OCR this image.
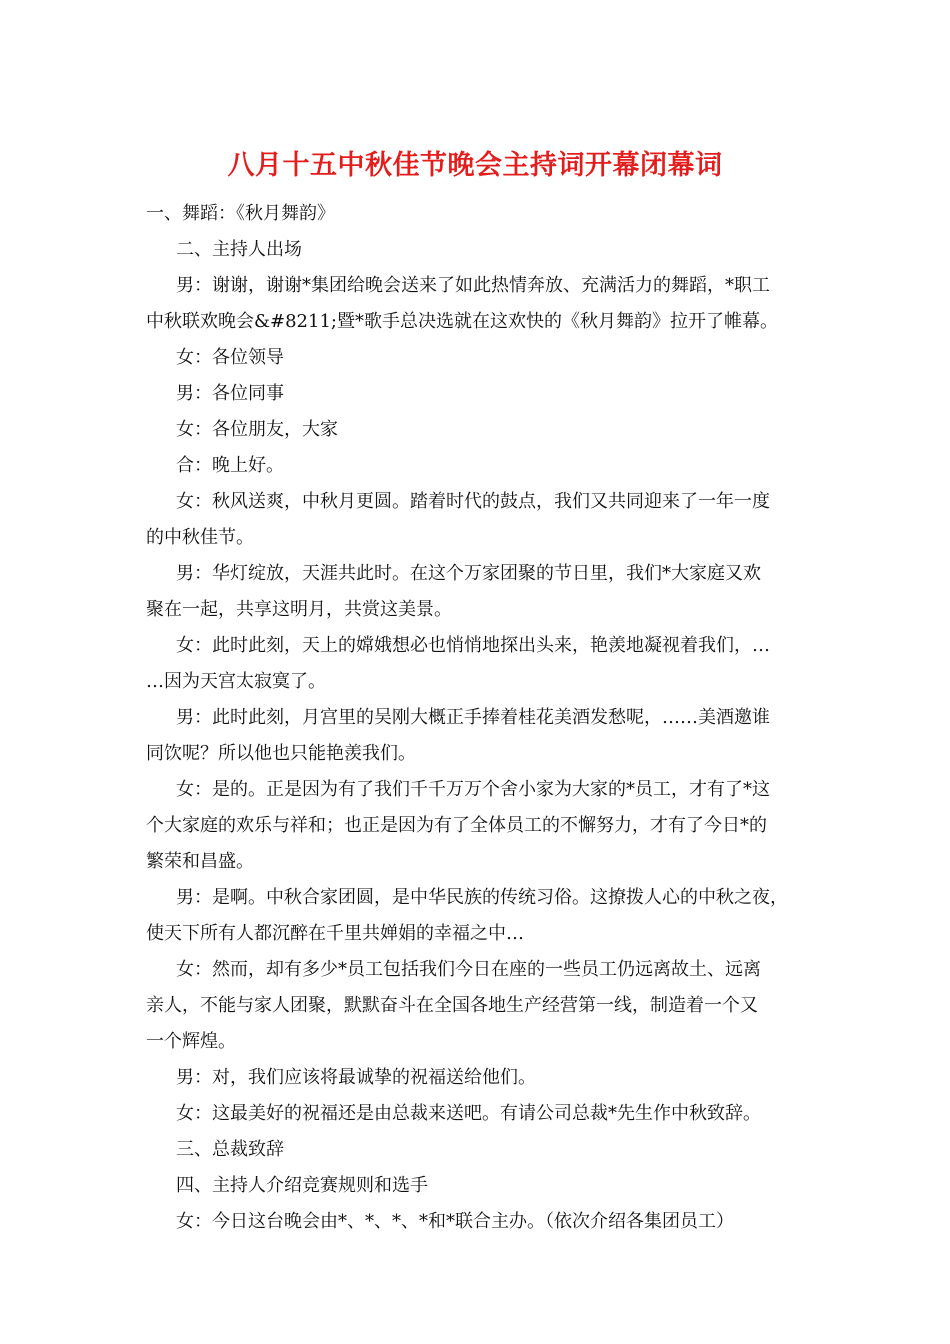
八月十五中秋佳节晚会主持词开幕闭幕词
一、舞蹈：《秋月舞韵》
二、主持人出场
男：谢谢，谢谢*集团给晚会送来了如此热情奔放、充满活力的舞蹈，*职工
中秋联欢晚会&#8211;暨*歌手总决选就在这欢快的《秋月舞韵》拉开了帷幕。
女：各位领导
男：各位同事
女：各位朋友，大家
合：晚上好。
女：秋风送爽，中秋月更圆。踏着时代的鼓点，我们又共同迎来了一年一度
的中秋佳节。
男：华灯绽放，天涯共此时。在这个万家团聚的节日里，我们*大家庭又欢
聚在一起，共享这明月，共赏这美景。
女：此时此刻，天上的嫦娥想必也悄悄地探出头来，艳羡地凝视着我们，…
…因为天宫太寂寞了。
男：此时此刻，月宫里的吴刚大概正手捧着桂花美酒发愁呢，……美酒邀谁
同饮呢？所以他也只能艳羡我们。
女：是的。正是因为有了我们千千万万个舍小家为大家的*员工，才有了*这
个大家庭的欢乐与祥和；也正是因为有了全体员工的不懈努力，才有了今日*的
繁荣和昌盛。
男：是啊。中秋合家团圆，是中华民族的传统习俗。这撩拨人心的中秋之夜，
使天下所有人都沉醉在千里共婵娟的幸福之中…
女：然而，却有多少*员工包括我们今日在座的一些员工仍远离故土、远离
亲人，不能与家人团聚，默默奋斗在全国各地生产经营第一线，制造着一个又
一个辉煌。
男：对，我们应该将最诚挚的祝福送给他们。
女：这最美好的祝福还是由总裁来送吧。有请公司总裁*先生作中秋致辞。
三、总裁致辞
四、主持人介绍竞赛规则和选手
女：今日这台晚会由*、*、*、*和*联合主办。（依次介绍各集团员工）
